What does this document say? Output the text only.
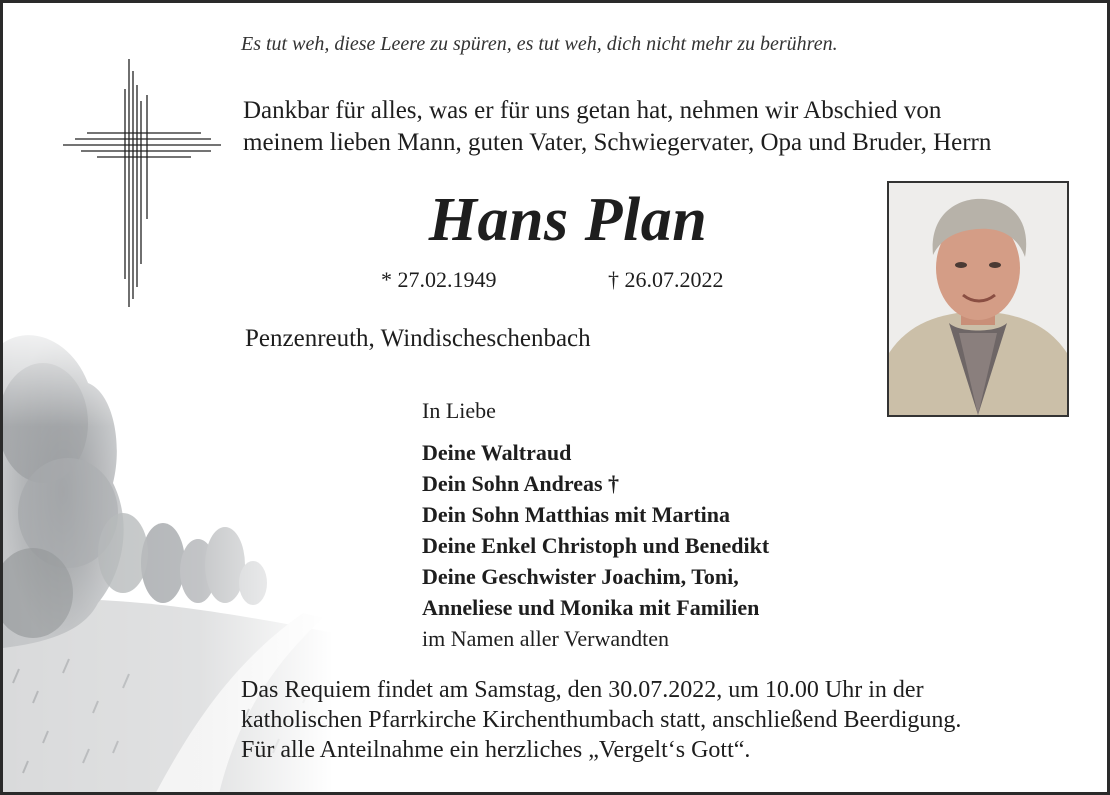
Es tut weh, diese Leere zu spüren, es tut weh, dich nicht mehr zu berühren.
Dankbar für alles, was er für uns getan hat, nehmen wir Abschied von
meinem lieben Mann, guten Vater, Schwiegervater, Opa und Bruder, Herrn
Hans Plan
* 27.02.1949	† 26.07.2022
Penzenreuth, Windischeschenbach
In Liebe
Deine Waltraud
Dein Sohn Andreas †
Dein Sohn Matthias mit Martina
Deine Enkel Christoph und Benedikt
Deine Geschwister Joachim, Toni,
Anneliese und Monika mit Familien
im Namen aller Verwandten
Das Requiem findet am Samstag, den 30.07.2022, um 10.00 Uhr in der
katholischen Pfarrkirche Kirchenthumbach statt, anschließend Beerdigung.
Für alle Anteilnahme ein herzliches „Vergelt‘s Gott“.
